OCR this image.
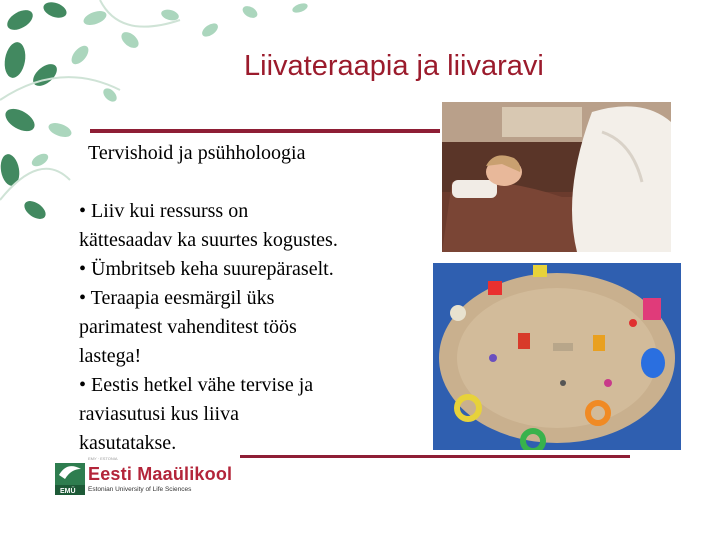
Liivateraapia ja liivaravi
Tervishoid ja psühholoogia
• Liiv kui ressurss on
kättesaadav ka suurtes kogustes.
• Ümbritseb keha suurepäraselt.
• Teraapia eesmärgil üks
parimatest vahenditest töös
lastega!
• Eestis hetkel vähe tervise ja
raviasutusi kus liiva
kasutatakse.
EMÜ
ЕМУ · ESTONIA
Eesti Maaülikool
Estonian University of Life Sciences
